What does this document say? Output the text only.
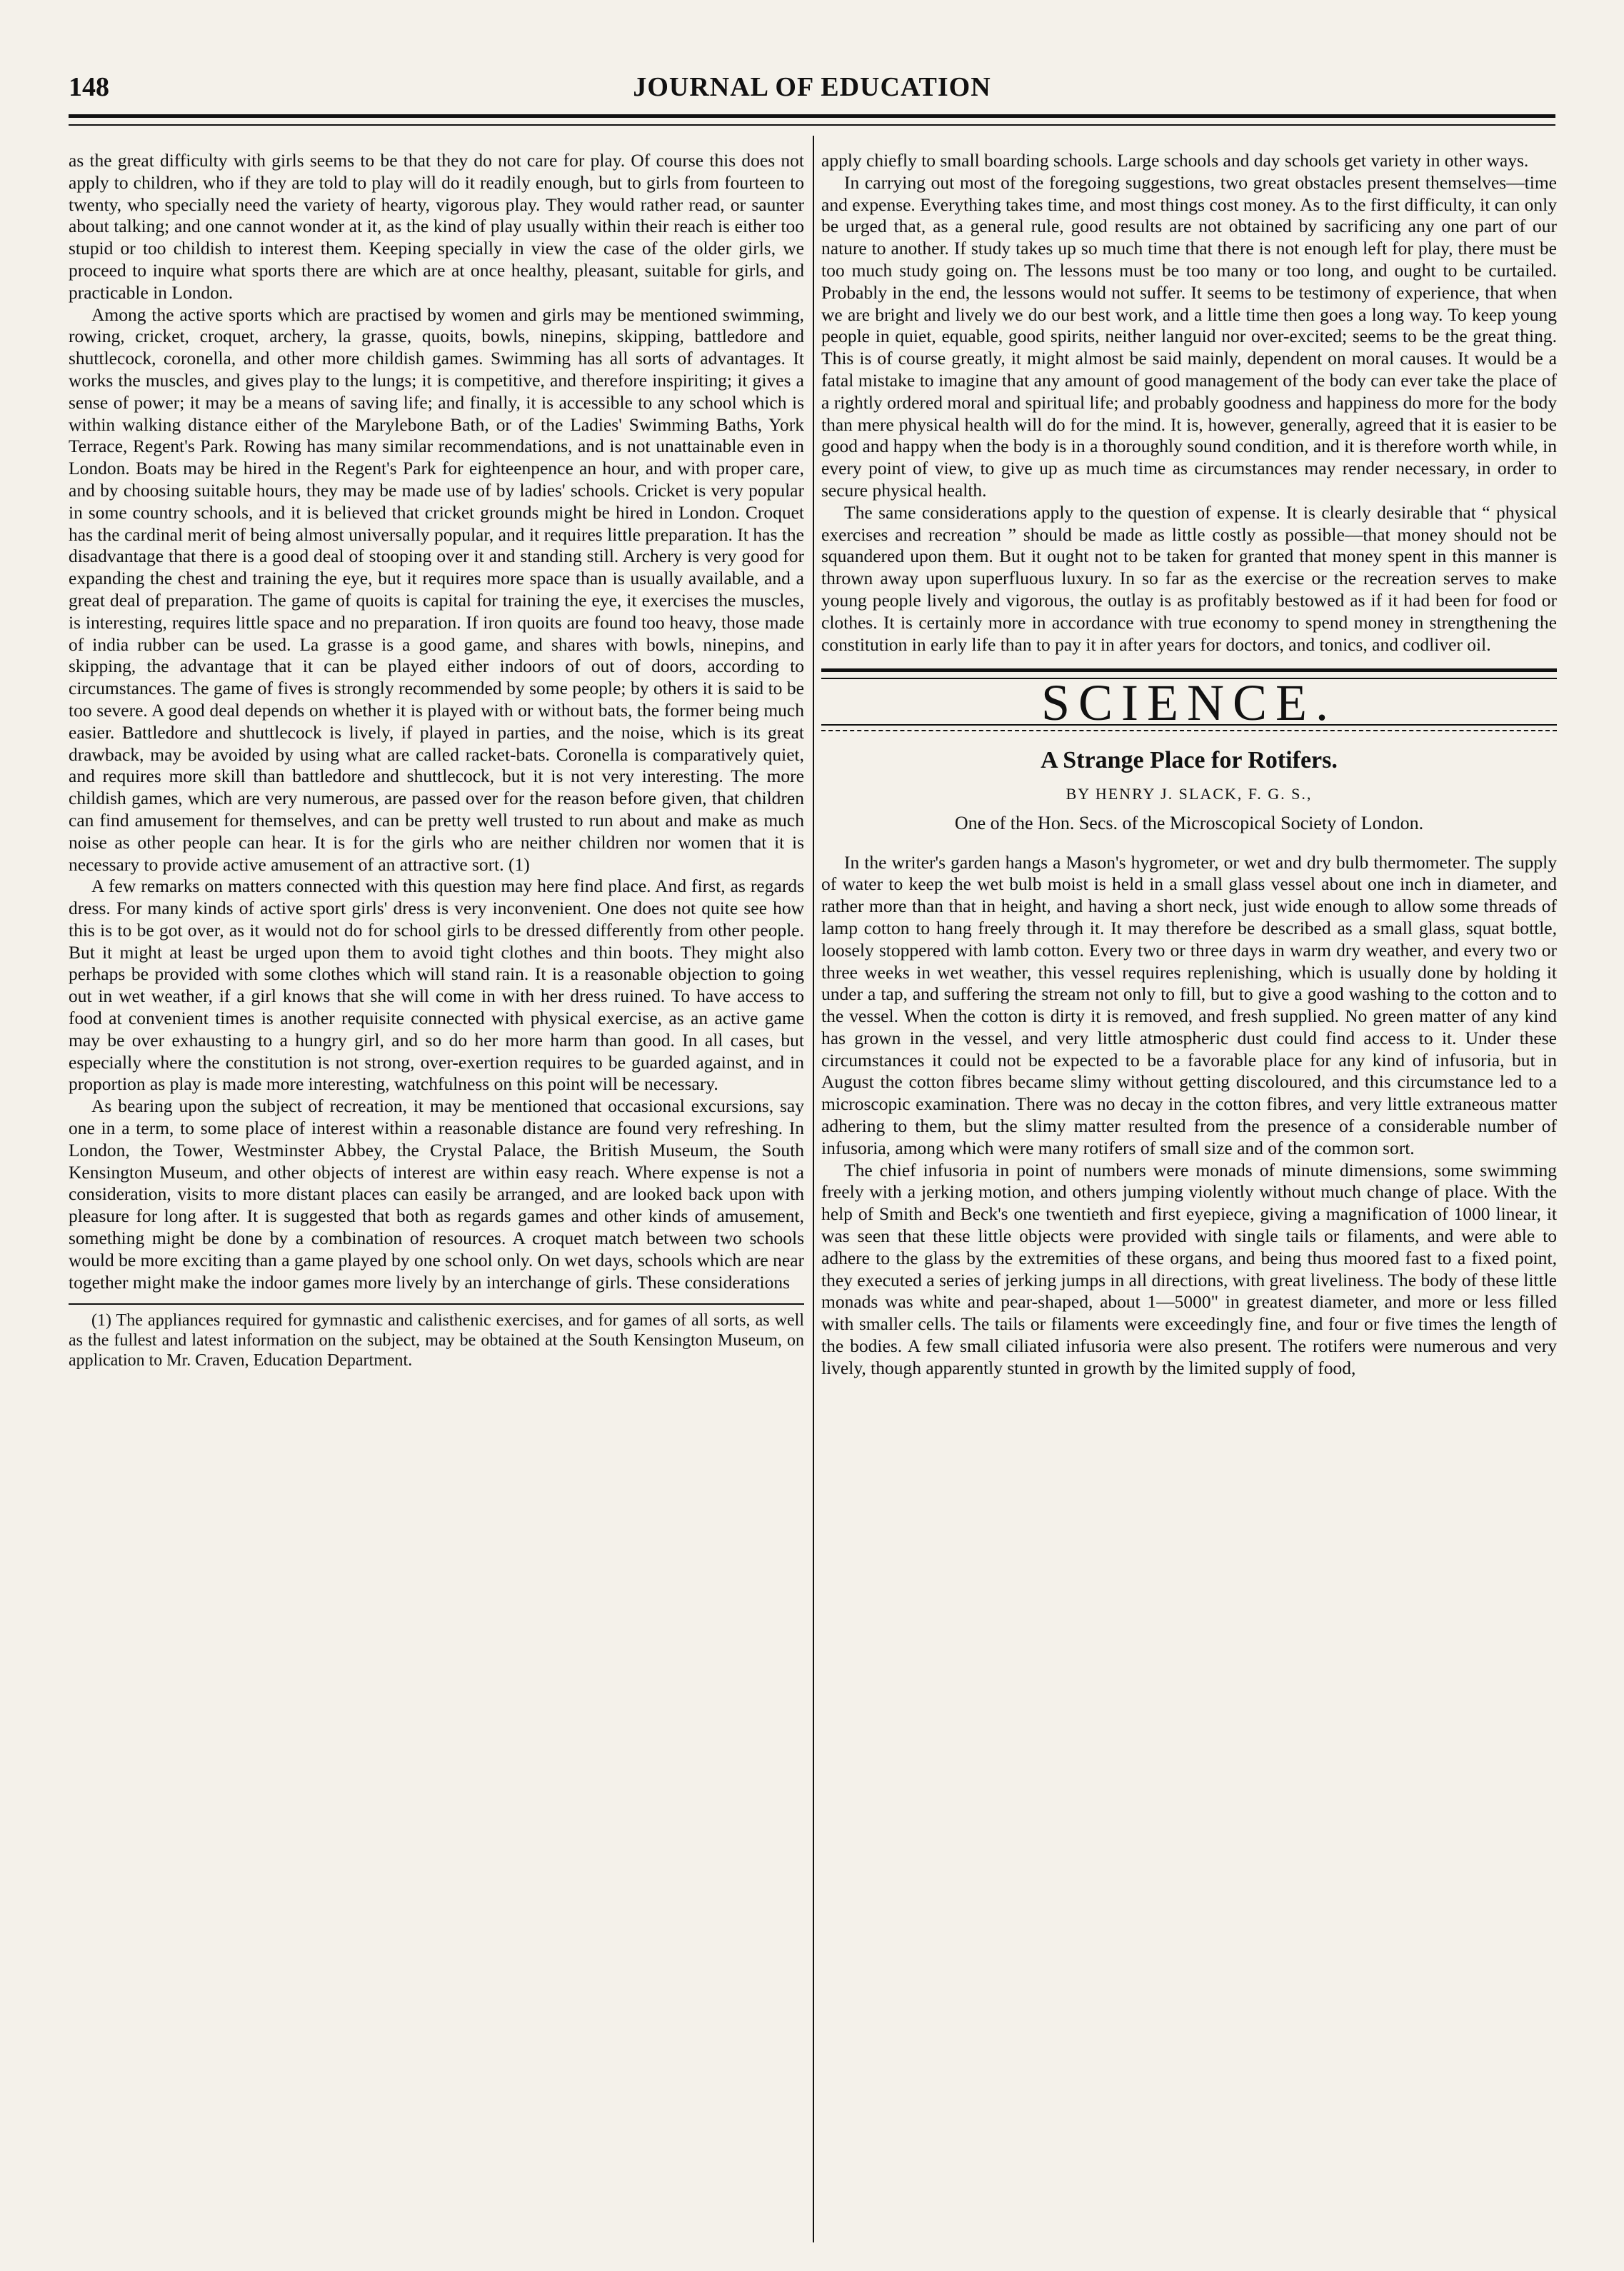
148	JOURNAL OF EDUCATION

as the great difficulty with girls seems to be that they do not care for play. Of course this does not apply to children, who if they are told to play will do it readily enough, but to girls from fourteen to twenty, who specially need the variety of hearty, vigorous play. They would rather read, or saunter about talking; and one cannot wonder at it, as the kind of play usually within their reach is either too stupid or too childish to interest them. Keeping specially in view the case of the older girls, we proceed to inquire what sports there are which are at once healthy, pleasant, suitable for girls, and practicable in London.

Among the active sports which are practised by women and girls may be mentioned swimming, rowing, cricket, croquet, archery, la grasse, quoits, bowls, ninepins, skipping, battledore and shuttlecock, coronella, and other more childish games. Swimming has all sorts of advantages. It works the muscles, and gives play to the lungs; it is competitive, and therefore inspiriting; it gives a sense of power; it may be a means of saving life; and finally, it is accessible to any school which is within walking distance either of the Marylebone Bath, or of the Ladies' Swimming Baths, York Terrace, Regent's Park. Rowing has many similar recommendations, and is not unattainable even in London. Boats may be hired in the Regent's Park for eighteenpence an hour, and with proper care, and by choosing suitable hours, they may be made use of by ladies' schools. Cricket is very popular in some country schools, and it is believed that cricket grounds might be hired in London. Croquet has the cardinal merit of being almost universally popular, and it requires little preparation. It has the disadvantage that there is a good deal of stooping over it and standing still. Archery is very good for expanding the chest and training the eye, but it requires more space than is usually available, and a great deal of preparation. The game of quoits is capital for training the eye, it exercises the muscles, is interesting, requires little space and no preparation. If iron quoits are found too heavy, those made of india rubber can be used. La grasse is a good game, and shares with bowls, ninepins, and skipping, the advantage that it can be played either indoors of out of doors, according to circumstances. The game of fives is strongly recommended by some people; by others it is said to be too severe. A good deal depends on whether it is played with or without bats, the former being much easier. Battledore and shuttlecock is lively, if played in parties, and the noise, which is its great drawback, may be avoided by using what are called racket-bats. Coronella is comparatively quiet, and requires more skill than battledore and shuttlecock, but it is not very interesting. The more childish games, which are very numerous, are passed over for the reason before given, that children can find amusement for themselves, and can be pretty well trusted to run about and make as much noise as other people can hear. It is for the girls who are neither children nor women that it is necessary to provide active amusement of an attractive sort. (1)

A few remarks on matters connected with this question may here find place. And first, as regards dress. For many kinds of active sport girls' dress is very inconvenient. One does not quite see how this is to be got over, as it would not do for school girls to be dressed differently from other people. But it might at least be urged upon them to avoid tight clothes and thin boots. They might also perhaps be provided with some clothes which will stand rain. It is a reasonable objection to going out in wet weather, if a girl knows that she will come in with her dress ruined. To have access to food at convenient times is another requisite connected with physical exercise, as an active game may be over exhausting to a hungry girl, and so do her more harm than good. In all cases, but especially where the constitution is not strong, over-exertion requires to be guarded against, and in proportion as play is made more interesting, watchfulness on this point will be necessary.

As bearing upon the subject of recreation, it may be mentioned that occasional excursions, say one in a term, to some place of interest within a reasonable distance are found very refreshing. In London, the Tower, Westminster Abbey, the Crystal Palace, the British Museum, the South Kensington Museum, and other objects of interest are within easy reach. Where expense is not a consideration, visits to more distant places can easily be arranged, and are looked back upon with pleasure for long after. It is suggested that both as regards games and other kinds of amusement, something might be done by a combination of resources. A croquet match between two schools would be more exciting than a game played by one school only. On wet days, schools which are near together might make the indoor games more lively by an interchange of girls. These considerations

(1) The appliances required for gymnastic and calisthenic exercises, and for games of all sorts, as well as the fullest and latest information on the subject, may be obtained at the South Kensington Museum, on application to Mr. Craven, Education Department.

apply chiefly to small boarding schools. Large schools and day schools get variety in other ways.

In carrying out most of the foregoing suggestions, two great obstacles present themselves—time and expense. Everything takes time, and most things cost money. As to the first difficulty, it can only be urged that, as a general rule, good results are not obtained by sacrificing any one part of our nature to another. If study takes up so much time that there is not enough left for play, there must be too much study going on. The lessons must be too many or too long, and ought to be curtailed. Probably in the end, the lessons would not suffer. It seems to be testimony of experience, that when we are bright and lively we do our best work, and a little time then goes a long way. To keep young people in quiet, equable, good spirits, neither languid nor over-excited; seems to be the great thing. This is of course greatly, it might almost be said mainly, dependent on moral causes. It would be a fatal mistake to imagine that any amount of good management of the body can ever take the place of a rightly ordered moral and spiritual life; and probably goodness and happiness do more for the body than mere physical health will do for the mind. It is, however, generally, agreed that it is easier to be good and happy when the body is in a thoroughly sound condition, and it is therefore worth while, in every point of view, to give up as much time as circumstances may render necessary, in order to secure physical health.

The same considerations apply to the question of expense. It is clearly desirable that “ physical exercises and recreation ” should be made as little costly as possible—that money should not be squandered upon them. But it ought not to be taken for granted that money spent in this manner is thrown away upon superfluous luxury. In so far as the exercise or the recreation serves to make young people lively and vigorous, the outlay is as profitably bestowed as if it had been for food or clothes. It is certainly more in accordance with true economy to spend money in strengthening the constitution in early life than to pay it in after years for doctors, and tonics, and codliver oil.

SCIENCE.
A Strange Place for Rotifers.
BY HENRY J. SLACK, F. G. S.,
One of the Hon. Secs. of the Microscopical Society of London.

In the writer's garden hangs a Mason's hygrometer, or wet and dry bulb thermometer. The supply of water to keep the wet bulb moist is held in a small glass vessel about one inch in diameter, and rather more than that in height, and having a short neck, just wide enough to allow some threads of lamp cotton to hang freely through it. It may therefore be described as a small glass, squat bottle, loosely stoppered with lamb cotton. Every two or three days in warm dry weather, and every two or three weeks in wet weather, this vessel requires replenishing, which is usually done by holding it under a tap, and suffering the stream not only to fill, but to give a good washing to the cotton and to the vessel. When the cotton is dirty it is removed, and fresh supplied. No green matter of any kind has grown in the vessel, and very little atmospheric dust could find access to it. Under these circumstances it could not be expected to be a favorable place for any kind of infusoria, but in August the cotton fibres became slimy without getting discoloured, and this circumstance led to a microscopic examination. There was no decay in the cotton fibres, and very little extraneous matter adhering to them, but the slimy matter resulted from the presence of a considerable number of infusoria, among which were many rotifers of small size and of the common sort.

The chief infusoria in point of numbers were monads of minute dimensions, some swimming freely with a jerking motion, and others jumping violently without much change of place. With the help of Smith and Beck's one twentieth and first eyepiece, giving a magnification of 1000 linear, it was seen that these little objects were provided with single tails or filaments, and were able to adhere to the glass by the extremities of these organs, and being thus moored fast to a fixed point, they executed a series of jerking jumps in all directions, with great liveliness. The body of these little monads was white and pear-shaped, about 1—5000" in greatest diameter, and more or less filled with smaller cells. The tails or filaments were exceedingly fine, and four or five times the length of the bodies. A few small ciliated infusoria were also present. The rotifers were numerous and very lively, though apparently stunted in growth by the limited supply of food,
